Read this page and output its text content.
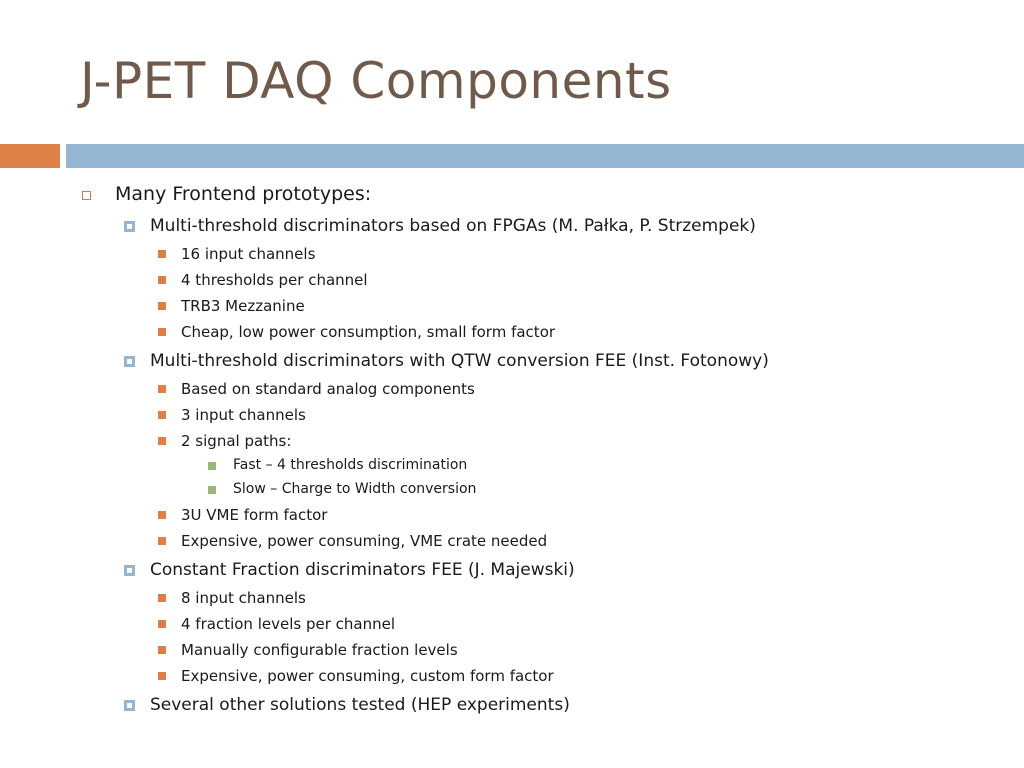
J-PET DAQ Components
Many Frontend prototypes:
Multi-threshold discriminators based on FPGAs (M. Pałka, P. Strzempek)
16 input channels
4 thresholds per channel
TRB3 Mezzanine
Cheap, low power consumption, small form factor
Multi-threshold discriminators with QTW conversion FEE (Inst. Fotonowy)
Based on standard analog components
3 input channels
2 signal paths:
Fast – 4 thresholds discrimination
Slow – Charge to Width conversion
3U VME form factor
Expensive, power consuming, VME crate needed
Constant Fraction discriminators FEE (J. Majewski)
8 input channels
4 fraction levels per channel
Manually configurable fraction levels
Expensive, power consuming, custom form factor
Several other solutions tested (HEP experiments)
